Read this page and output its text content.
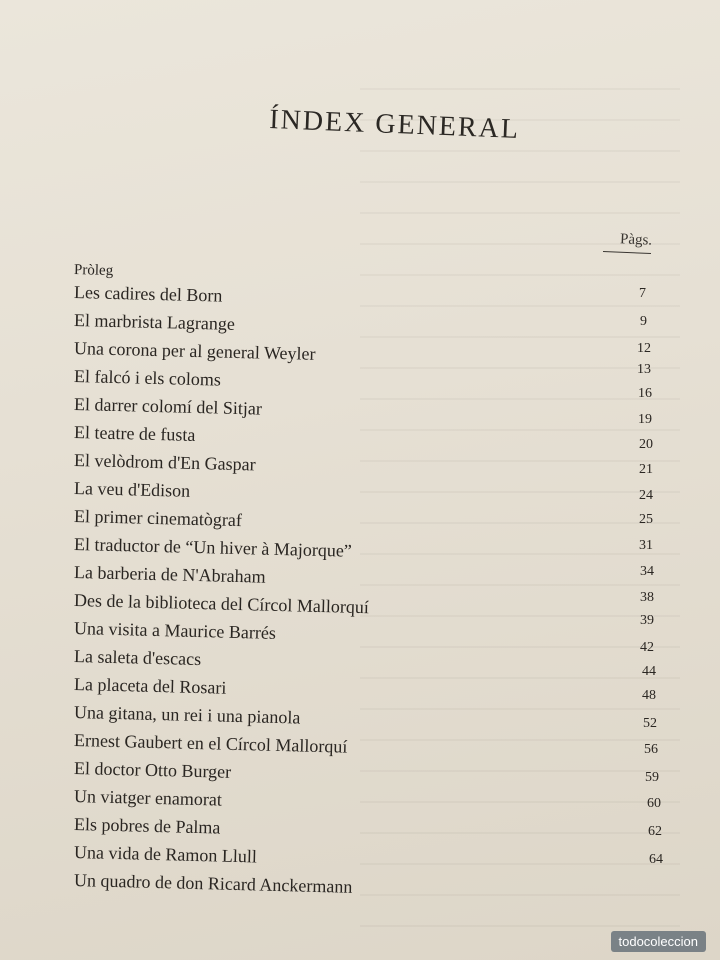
ÍNDEX GENERAL
Pàgs.
Pròleg
Les cadires del Born
El marbrista Lagrange
Una corona per al general Weyler
El falcó i els coloms
El darrer colomí del Sitjar
El teatre de fusta
El velòdrom d'En Gaspar
La veu d'Edison
El primer cinematògraf
El traductor de “Un hiver à Majorque”
La barberia de N'Abraham
Des de la biblioteca del Círcol Mallorquí
Una visita a Maurice Barrés
La saleta d'escacs
La placeta del Rosari
Una gitana, un rei i una pianola
Ernest Gaubert en el Círcol Mallorquí
El doctor Otto Burger
Un viatger enamorat
Els pobres de Palma
Una vida de Ramon Llull
Un quadro de don Ricard Anckermann
7
9
12
13
16
19
20
21
24
25
31
34
38
39
42
44
48
52
56
59
60
62
64
todocoleccion
